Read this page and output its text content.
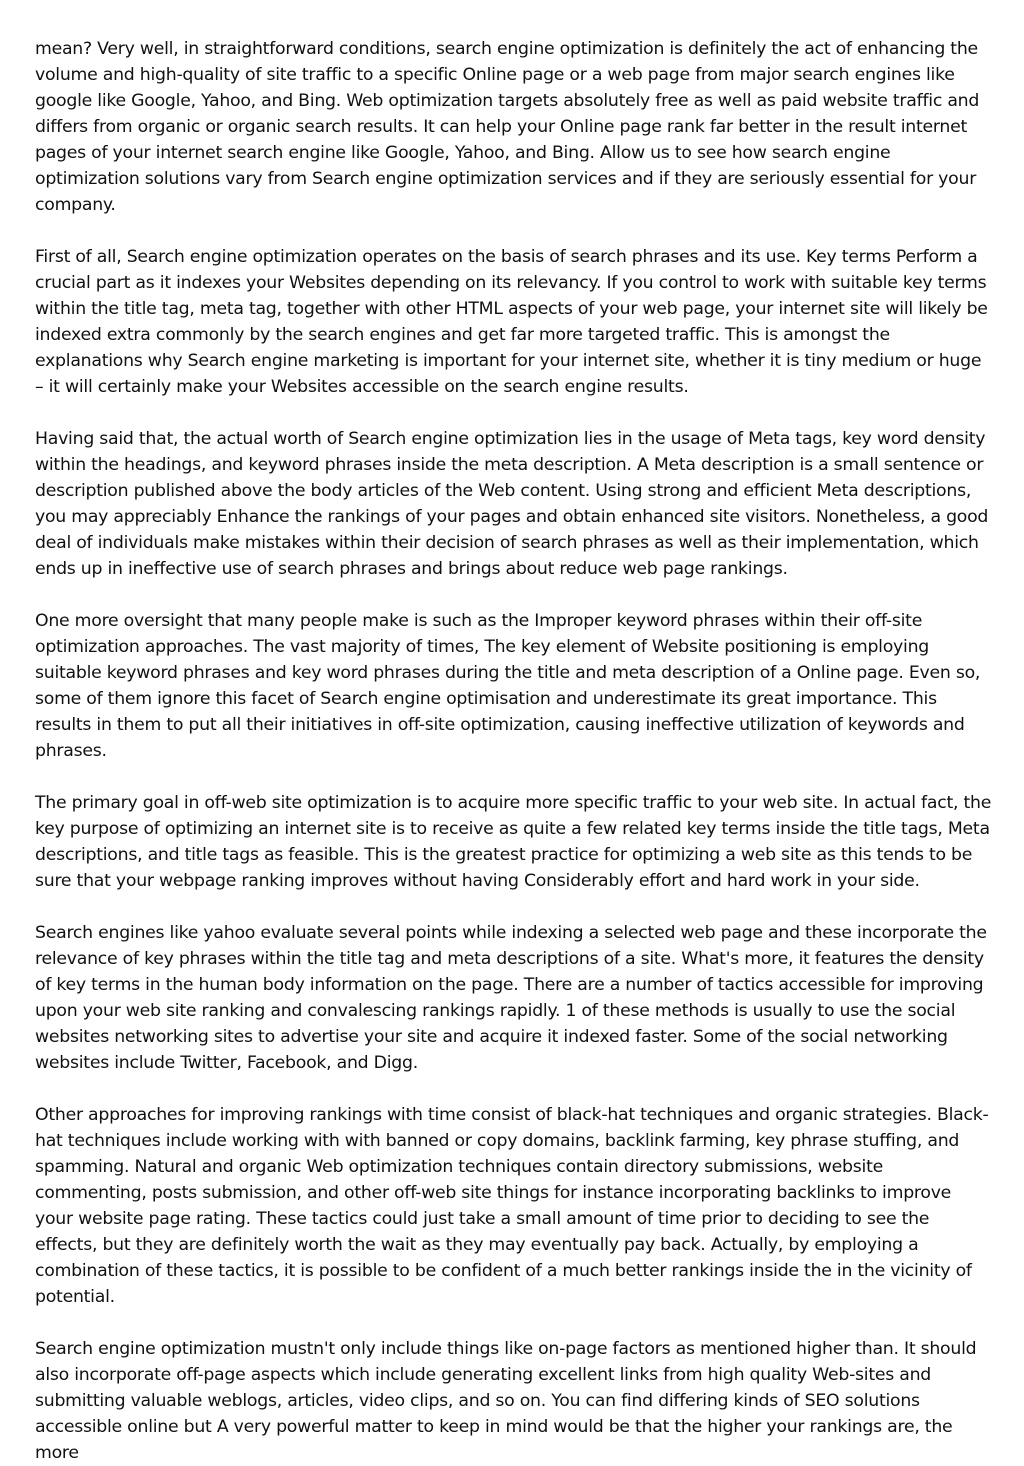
mean? Very well, in straightforward conditions, search engine optimization is definitely the act of enhancing the volume and high-quality of site traffic to a specific Online page or a web page from major search engines like google like Google, Yahoo, and Bing. Web optimization targets absolutely free as well as paid website traffic and differs from organic or organic search results. It can help your Online page rank far better in the result internet pages of your internet search engine like Google, Yahoo, and Bing. Allow us to see how search engine optimization solutions vary from Search engine optimization services and if they are seriously essential for your company.

First of all, Search engine optimization operates on the basis of search phrases and its use. Key terms Perform a crucial part as it indexes your Websites depending on its relevancy. If you control to work with suitable key terms within the title tag, meta tag, together with other HTML aspects of your web page, your internet site will likely be indexed extra commonly by the search engines and get far more targeted traffic. This is amongst the explanations why Search engine marketing is important for your internet site, whether it is tiny medium or huge – it will certainly make your Websites accessible on the search engine results.

Having said that, the actual worth of Search engine optimization lies in the usage of Meta tags, key word density within the headings, and keyword phrases inside the meta description. A Meta description is a small sentence or description published above the body articles of the Web content. Using strong and efficient Meta descriptions, you may appreciably Enhance the rankings of your pages and obtain enhanced site visitors. Nonetheless, a good deal of individuals make mistakes within their decision of search phrases as well as their implementation, which ends up in ineffective use of search phrases and brings about reduce web page rankings.

One more oversight that many people make is such as the Improper keyword phrases within their off-site optimization approaches. The vast majority of times, The key element of Website positioning is employing suitable keyword phrases and key word phrases during the title and meta description of a Online page. Even so, some of them ignore this facet of Search engine optimisation and underestimate its great importance. This results in them to put all their initiatives in off-site optimization, causing ineffective utilization of keywords and phrases.

The primary goal in off-web site optimization is to acquire more specific traffic to your web site. In actual fact, the key purpose of optimizing an internet site is to receive as quite a few related key terms inside the title tags, Meta descriptions, and title tags as feasible. This is the greatest practice for optimizing a web site as this tends to be sure that your webpage ranking improves without having Considerably effort and hard work in your side.

Search engines like yahoo evaluate several points while indexing a selected web page and these incorporate the relevance of key phrases within the title tag and meta descriptions of a site. What's more, it features the density of key terms in the human body information on the page. There are a number of tactics accessible for improving upon your web site ranking and convalescing rankings rapidly. 1 of these methods is usually to use the social websites networking sites to advertise your site and acquire it indexed faster. Some of the social networking websites include Twitter, Facebook, and Digg.

Other approaches for improving rankings with time consist of black-hat techniques and organic strategies. Black-hat techniques include working with with banned or copy domains, backlink farming, key phrase stuffing, and spamming. Natural and organic Web optimization techniques contain directory submissions, website commenting, posts submission, and other off-web site things for instance incorporating backlinks to improve your website page rating. These tactics could just take a small amount of time prior to deciding to see the effects, but they are definitely worth the wait as they may eventually pay back. Actually, by employing a combination of these tactics, it is possible to be confident of a much better rankings inside the in the vicinity of potential.

Search engine optimization mustn't only include things like on-page factors as mentioned higher than. It should also incorporate off-page aspects which include generating excellent links from high quality Web-sites and submitting valuable weblogs, articles, video clips, and so on. You can find differing kinds of SEO solutions accessible online but A very powerful matter to keep in mind would be that the higher your rankings are, the more
